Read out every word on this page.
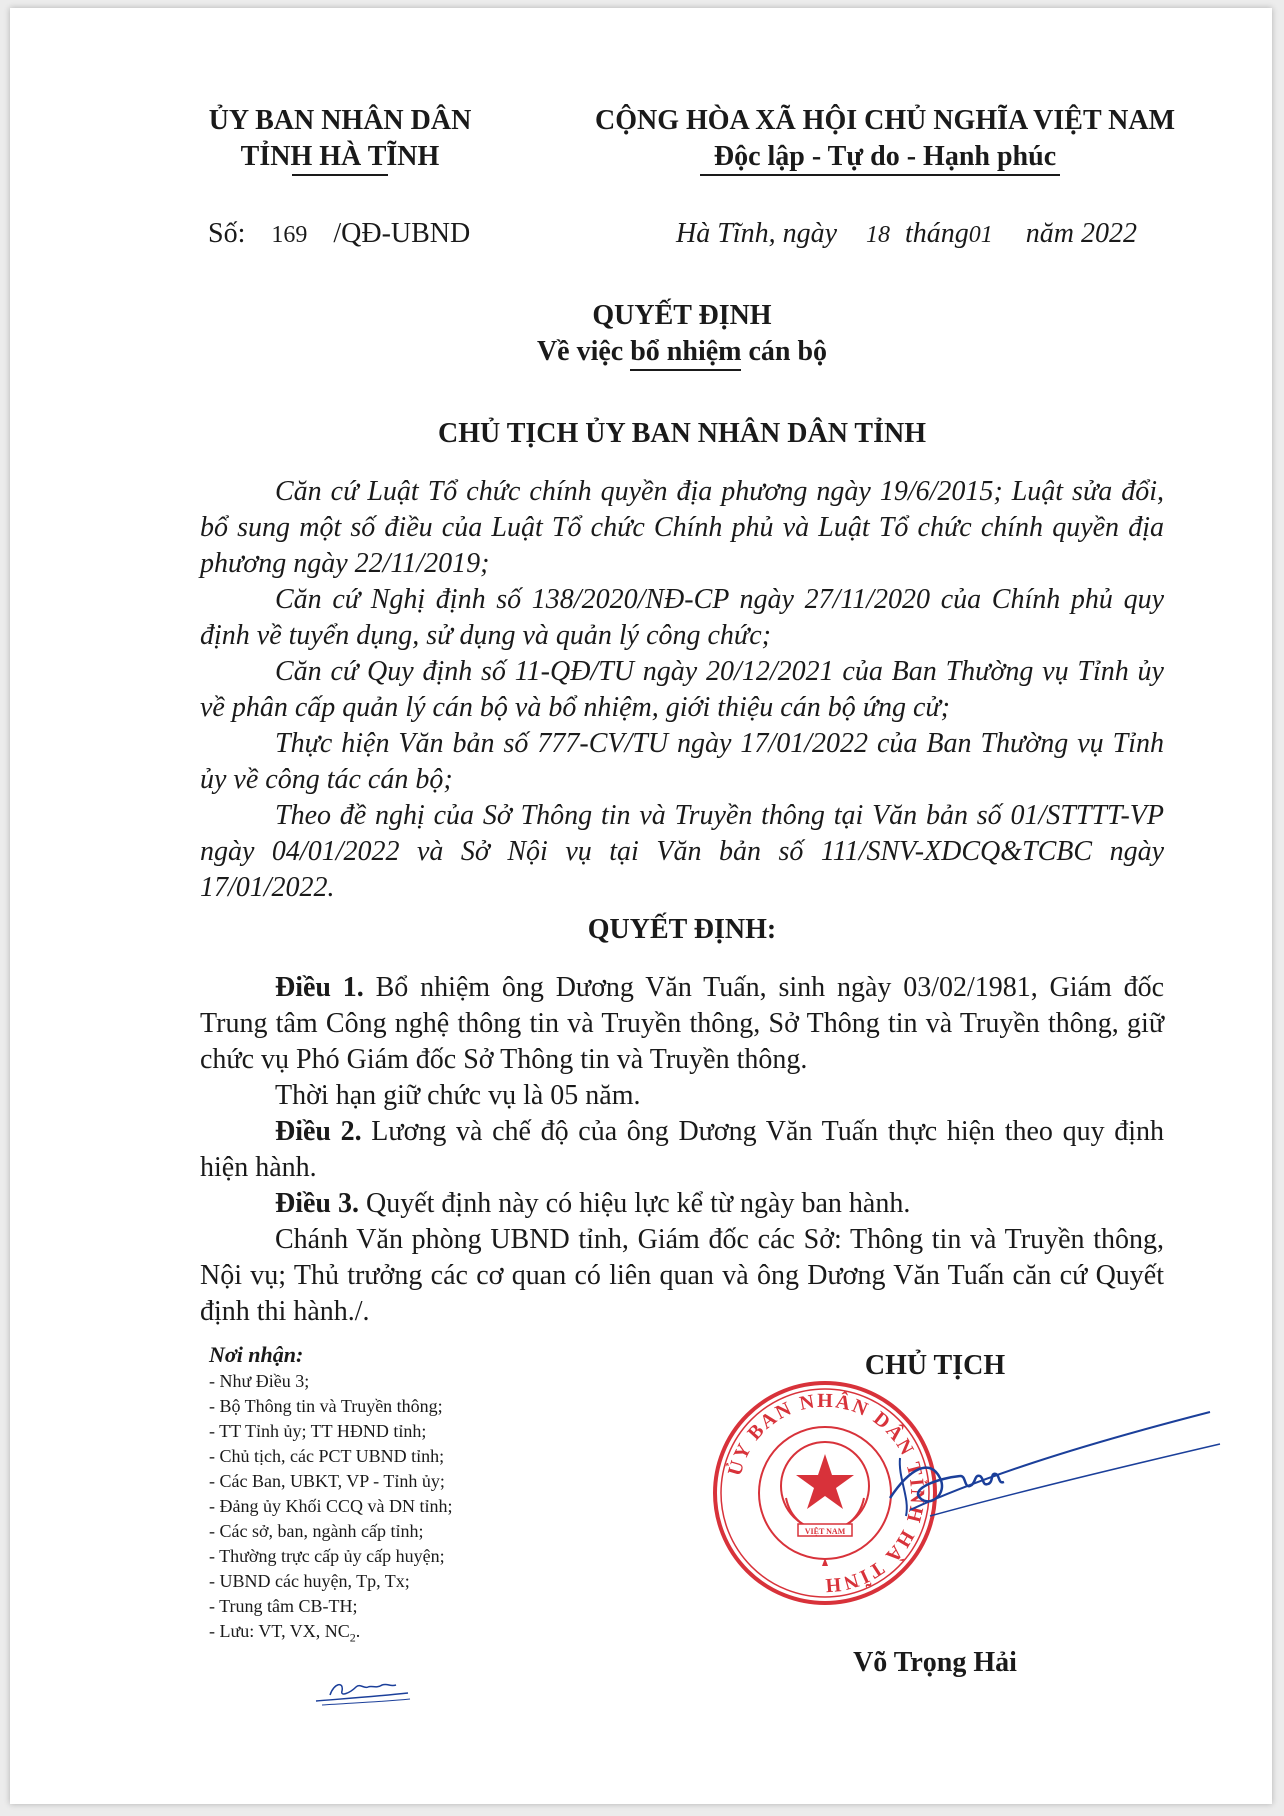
ỦY BAN NHÂN DÂN
TỈNH HÀ TĨNH
CỘNG HÒA XÃ HỘI CHỦ NGHĨA VIỆT NAM
Độc lập - Tự do - Hạnh phúc
Số: 169 /QĐ-UBND	Hà Tĩnh, ngày 18 tháng01 năm 2022
QUYẾT ĐỊNH
Về việc bổ nhiệm cán bộ
CHỦ TỊCH ỦY BAN NHÂN DÂN TỈNH
Căn cứ Luật Tổ chức chính quyền địa phương ngày 19/6/2015; Luật sửa đổi, bổ sung một số điều của Luật Tổ chức Chính phủ và Luật Tổ chức chính quyền địa phương ngày 22/11/2019;
Căn cứ Nghị định số 138/2020/NĐ-CP ngày 27/11/2020 của Chính phủ quy định về tuyển dụng, sử dụng và quản lý công chức;
Căn cứ Quy định số 11-QĐ/TU ngày 20/12/2021 của Ban Thường vụ Tỉnh ủy về phân cấp quản lý cán bộ và bổ nhiệm, giới thiệu cán bộ ứng cử;
Thực hiện Văn bản số 777-CV/TU ngày 17/01/2022 của Ban Thường vụ Tỉnh ủy về công tác cán bộ;
Theo đề nghị của Sở Thông tin và Truyền thông tại Văn bản số 01/STTTT-VP ngày 04/01/2022 và Sở Nội vụ tại Văn bản số 111/SNV-XDCQ&TCBC ngày 17/01/2022.
QUYẾT ĐỊNH:
Điều 1. Bổ nhiệm ông Dương Văn Tuấn, sinh ngày 03/02/1981, Giám đốc Trung tâm Công nghệ thông tin và Truyền thông, Sở Thông tin và Truyền thông, giữ chức vụ Phó Giám đốc Sở Thông tin và Truyền thông.
Thời hạn giữ chức vụ là 05 năm.
Điều 2. Lương và chế độ của ông Dương Văn Tuấn thực hiện theo quy định hiện hành.
Điều 3. Quyết định này có hiệu lực kể từ ngày ban hành.
Chánh Văn phòng UBND tỉnh, Giám đốc các Sở: Thông tin và Truyền thông, Nội vụ; Thủ trưởng các cơ quan có liên quan và ông Dương Văn Tuấn căn cứ Quyết định thi hành./.
Nơi nhận:
- Như Điều 3;
- Bộ Thông tin và Truyền thông;
- TT Tỉnh ủy; TT HĐND tỉnh;
- Chủ tịch, các PCT UBND tỉnh;
- Các Ban, UBKT, VP - Tỉnh ủy;
- Đảng ủy Khối CCQ và DN tỉnh;
- Các sở, ban, ngành cấp tỉnh;
- Thường trực cấp ủy cấp huyện;
- UBND các huyện, Tp, Tx;
- Trung tâm CB-TH;
- Lưu: VT, VX, $NC_2$.
CHỦ TỊCH
ỦY BAN NHÂN DÂN TỈNH HÀ TĨNH
VIỆT NAM
Võ Trọng Hải
